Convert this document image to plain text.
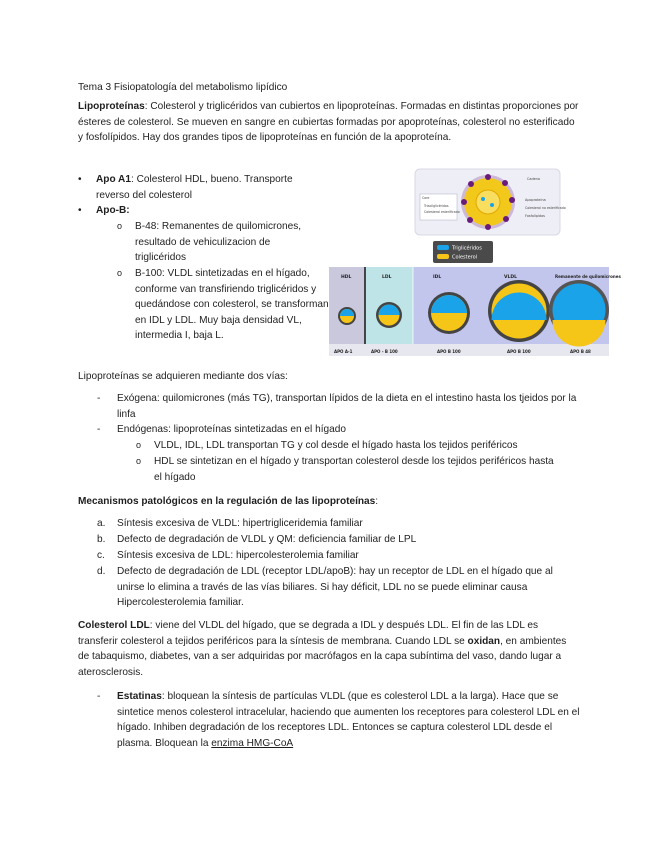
Tema 3 Fisiopatología del metabolismo lipídico

Lipoproteínas: Colesterol y triglicéridos van cubiertos en lipoproteínas. Formadas en distintas proporciones por ésteres de colesterol. Se mueven en sangre en cubiertas formadas por apoproteínas, colesterol no esterificado y fosfolípidos. Hay dos grandes tipos de lipoproteínas en función de la apoproteína.

• Apo A1: Colesterol HDL, bueno. Transporte reverso del colesterol

• Apo-B:

o B-48: Remanentes de quilomicrones, resultado de vehiculizacion de triglicéridos

o B-100: VLDL sintetizadas en el hígado, conforme van transfiriendo triglicéridos y quedándose con colesterol, se transforman en IDL y LDL. Muy baja densidad VL, intermedia I, baja L.

Core
Triacilglicéridos
Colesterol esterificado
Cadena
Apoproteína
Colesterol no esterificado
Fosfolípidos
Triglicéridos
Colesterol
HDL	LDL	IDL	VLDL	Remanente de quilomicrones
APO A-1	APO - B 100	APO B 100	APO B 100	APO B 48

Lipoproteínas se adquieren mediante dos vías:

- Exógena: quilomicrones (más TG), transportan lípidos de la dieta en el intestino hasta los tjeidos por la linfa

- Endógenas: lipoproteínas sintetizadas en el hígado

o VLDL, IDL, LDL transportan TG y col desde el hígado hasta los tejidos periféricos

o HDL se sintetizan en el hígado y transportan colesterol desde los tejidos periféricos hasta el hígado

Mecanismos patológicos en la regulación de las lipoproteínas:

a. Síntesis excesiva de VLDL: hipertrigliceridemia familiar

b. Defecto de degradación de VLDL y QM: deficiencia familiar de LPL

c. Síntesis excesiva de LDL: hipercolesterolemia familiar

d. Defecto de degradación de LDL (receptor LDL/apoB): hay un receptor de LDL en el hígado que al unirse lo elimina a través de las vías biliares. Si hay déficit, LDL no se puede eliminar causa Hipercolesterolemia familiar.

Colesterol LDL: viene del VLDL del hígado, que se degrada a IDL y después LDL. El fin de las LDL es transferir colesterol a tejidos periféricos para la síntesis de membrana. Cuando LDL se oxidan, en ambientes de tabaquismo, diabetes, van a ser adquiridas por macrófagos en la capa subíntima del vaso, dando lugar a aterosclerosis.

- Estatinas: bloquean la síntesis de partículas VLDL (que es colesterol LDL a la larga). Hace que se sintetice menos colesterol intracelular, haciendo que aumenten los receptores para colesterol LDL en el hígado. Inhiben degradación de los receptores LDL. Entonces se captura colesterol LDL desde el plasma. Bloquean la enzima HMG-CoA
